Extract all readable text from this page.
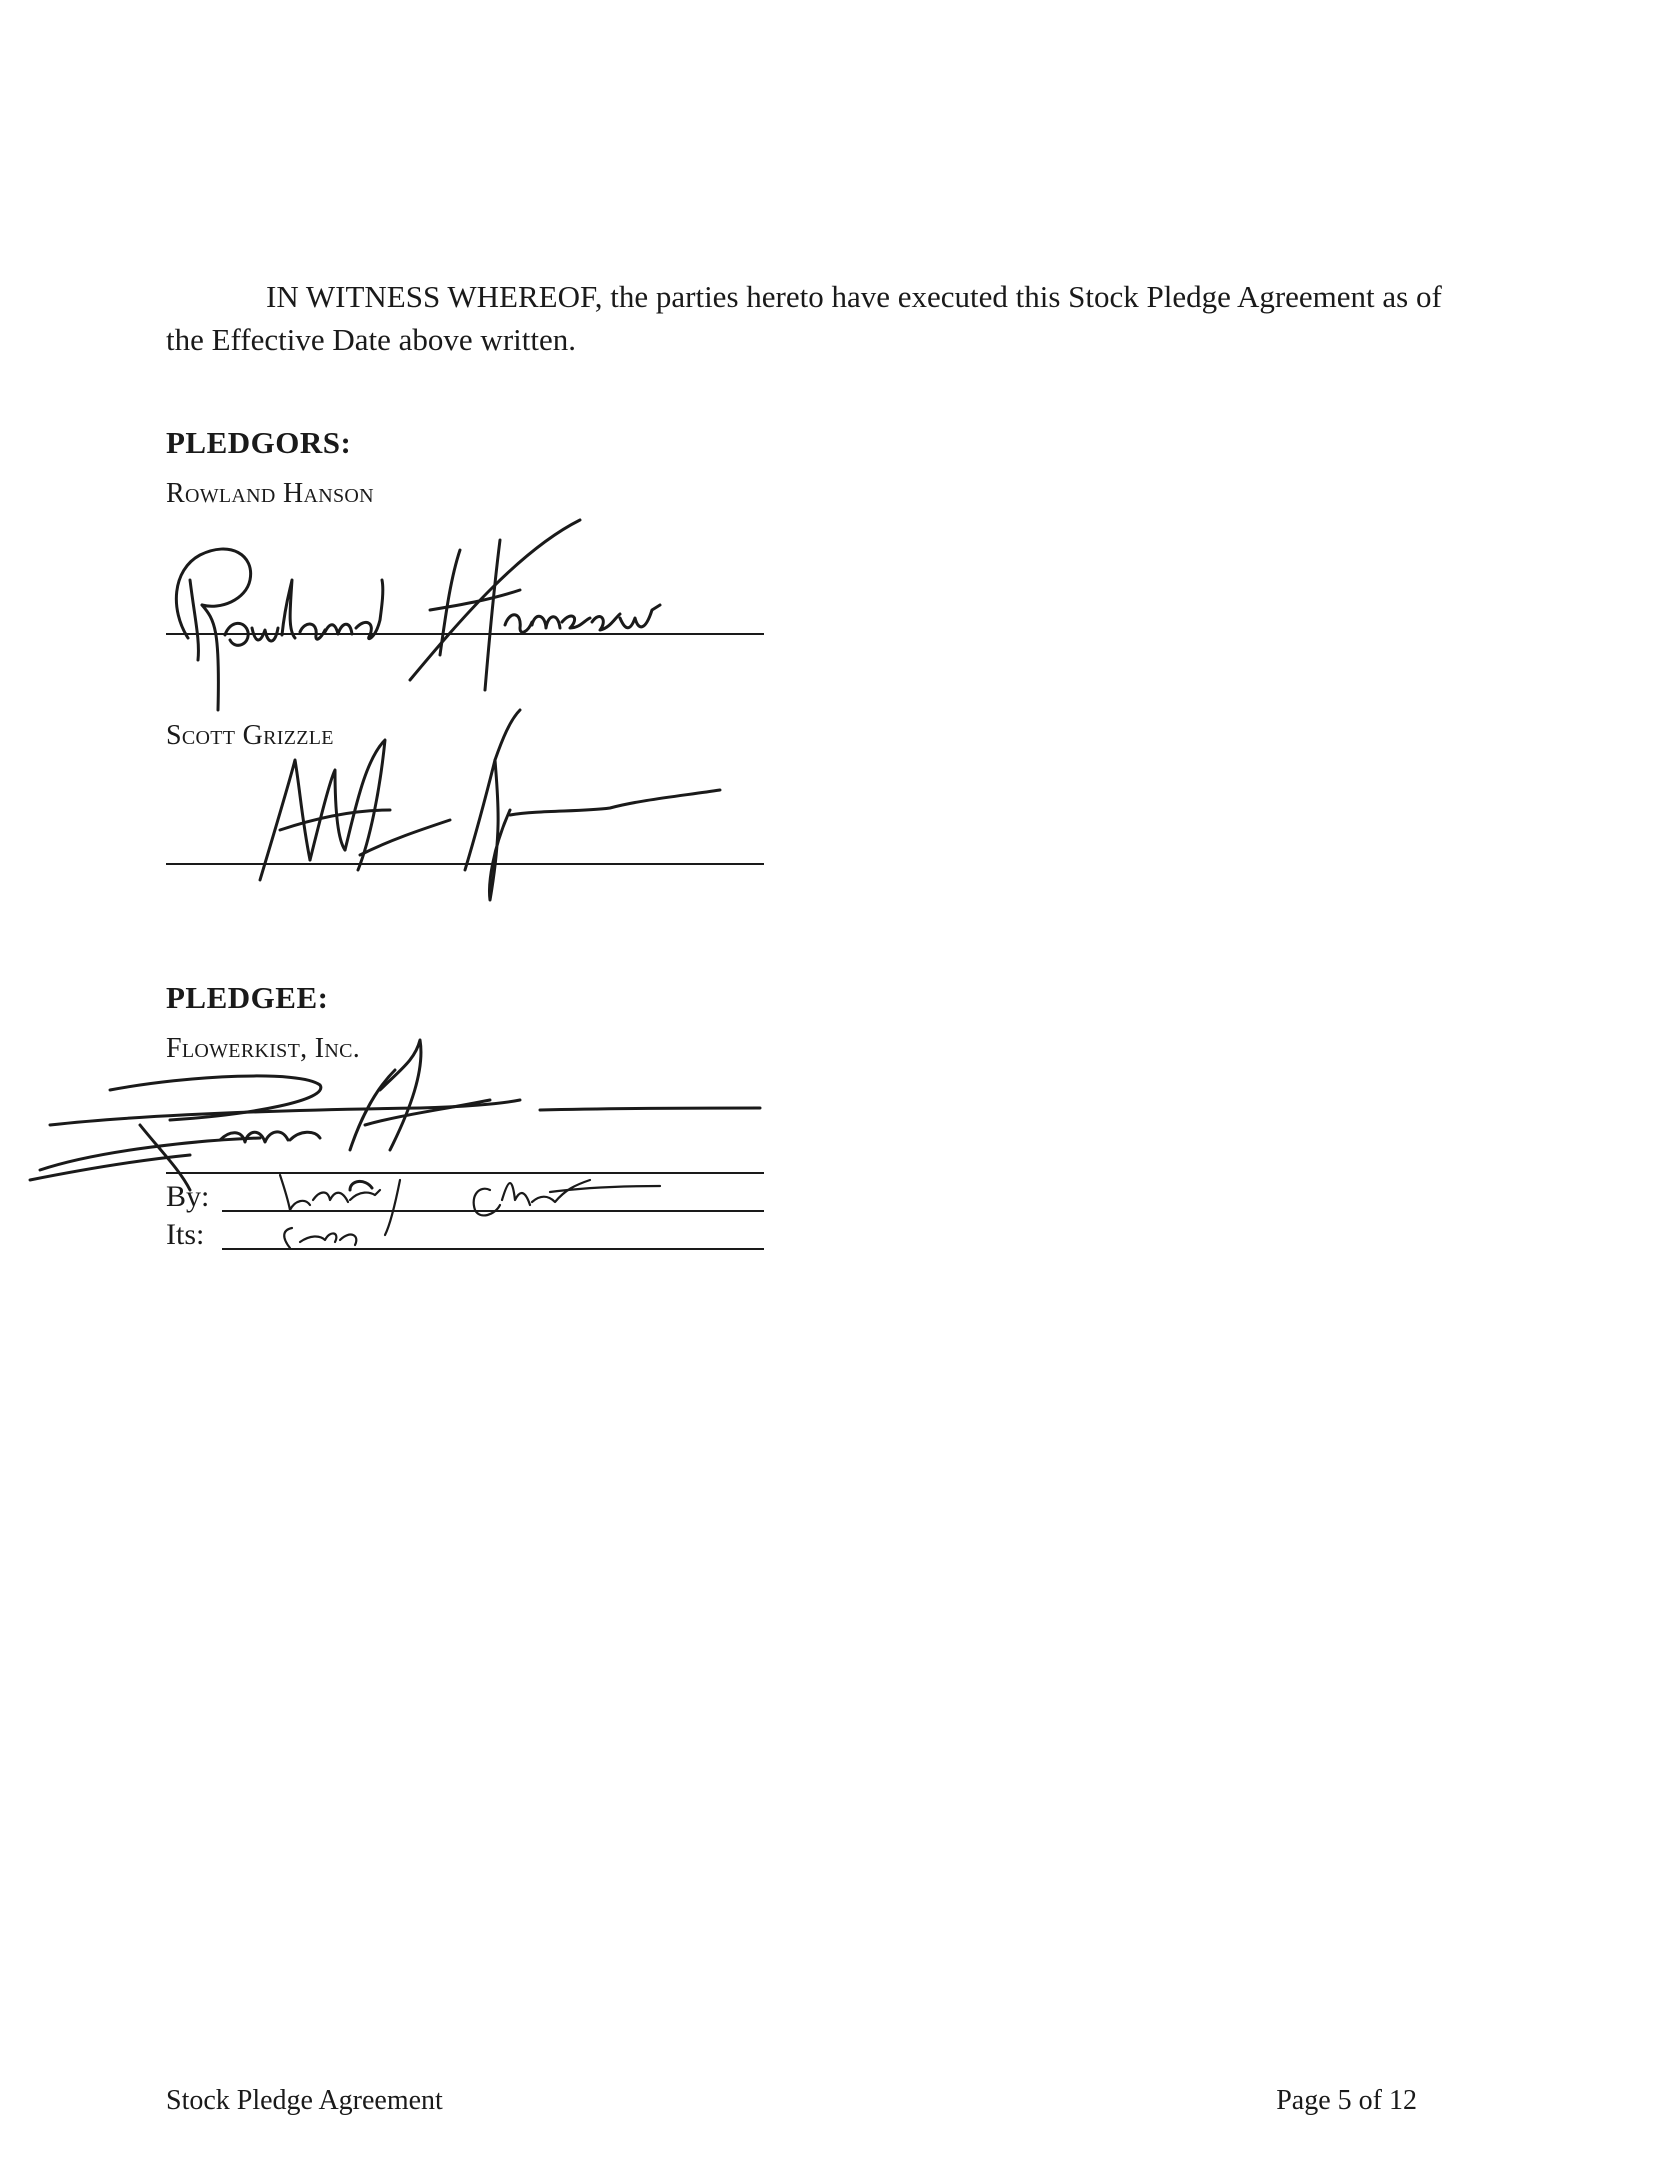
IN WITNESS WHEREOF, the parties hereto have executed this Stock Pledge Agreement as of the Effective Date above written.

PLEDGORS:

Rowland Hanson

Scott Grizzle

PLEDGEE:

Flowerkist, Inc.

By:

Its:

Stock Pledge Agreement	Page 5 of 12
